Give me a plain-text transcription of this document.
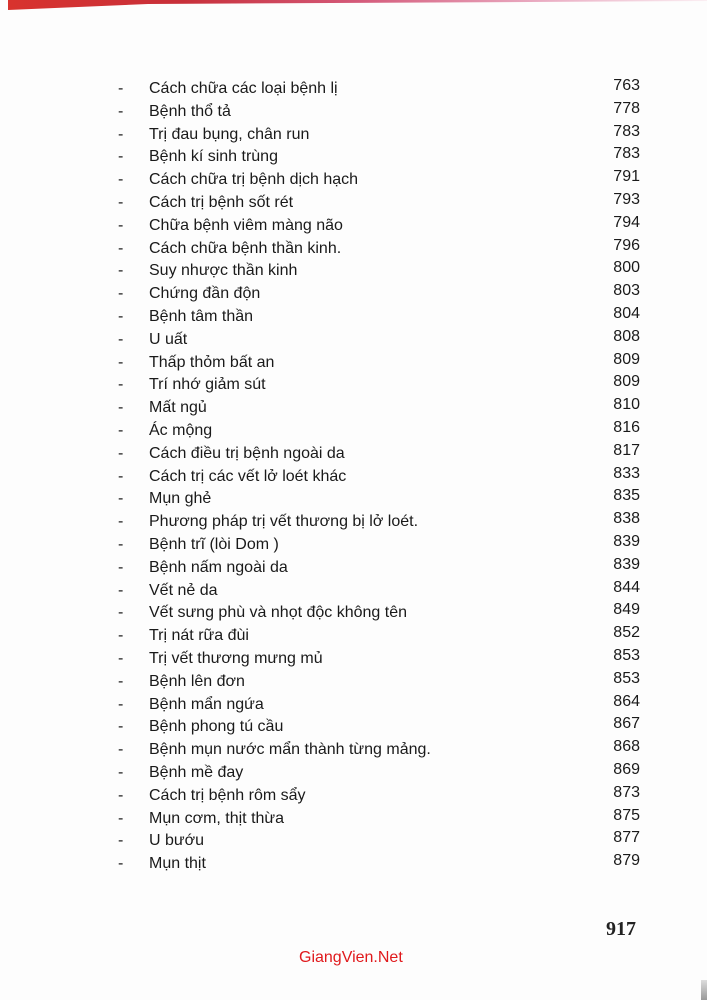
- Cách chữa các loại bệnh lị	763
- Bệnh thổ tả	778
- Trị đau bụng, chân run	783
- Bệnh kí sinh trùng	783
- Cách chữa trị bệnh dịch hạch	791
- Cách trị bệnh sốt rét	793
- Chữa bệnh viêm màng não	794
- Cách chữa bệnh thần kinh.	796
- Suy nhược thần kinh	800
- Chứng đần độn	803
- Bệnh tâm thần	804
- U uất	808
- Thấp thỏm bất an	809
- Trí nhớ giảm sút	809
- Mất ngủ	810
- Ác mộng	816
- Cách điều trị bệnh ngoài da	817
- Cách trị các vết lở loét khác	833
- Mụn ghẻ	835
- Phương pháp trị vết thương bị lở loét.	838
- Bệnh trĩ (lòi Dom )	839
- Bệnh nấm ngoài da	839
- Vết nẻ da	844
- Vết sưng phù và nhọt độc không tên	849
- Trị nát rữa đùi	852
- Trị vết thương mưng mủ	853
- Bệnh lên đơn	853
- Bệnh mẩn ngứa	864
- Bệnh phong tú cầu	867
- Bệnh mụn nước mẩn thành từng mảng.	868
- Bệnh mề đay	869
- Cách trị bệnh rôm sẩy	873
- Mụn cơm, thịt thừa	875
- U bướu	877
- Mụn thịt	879
917
GiangVien.Net
